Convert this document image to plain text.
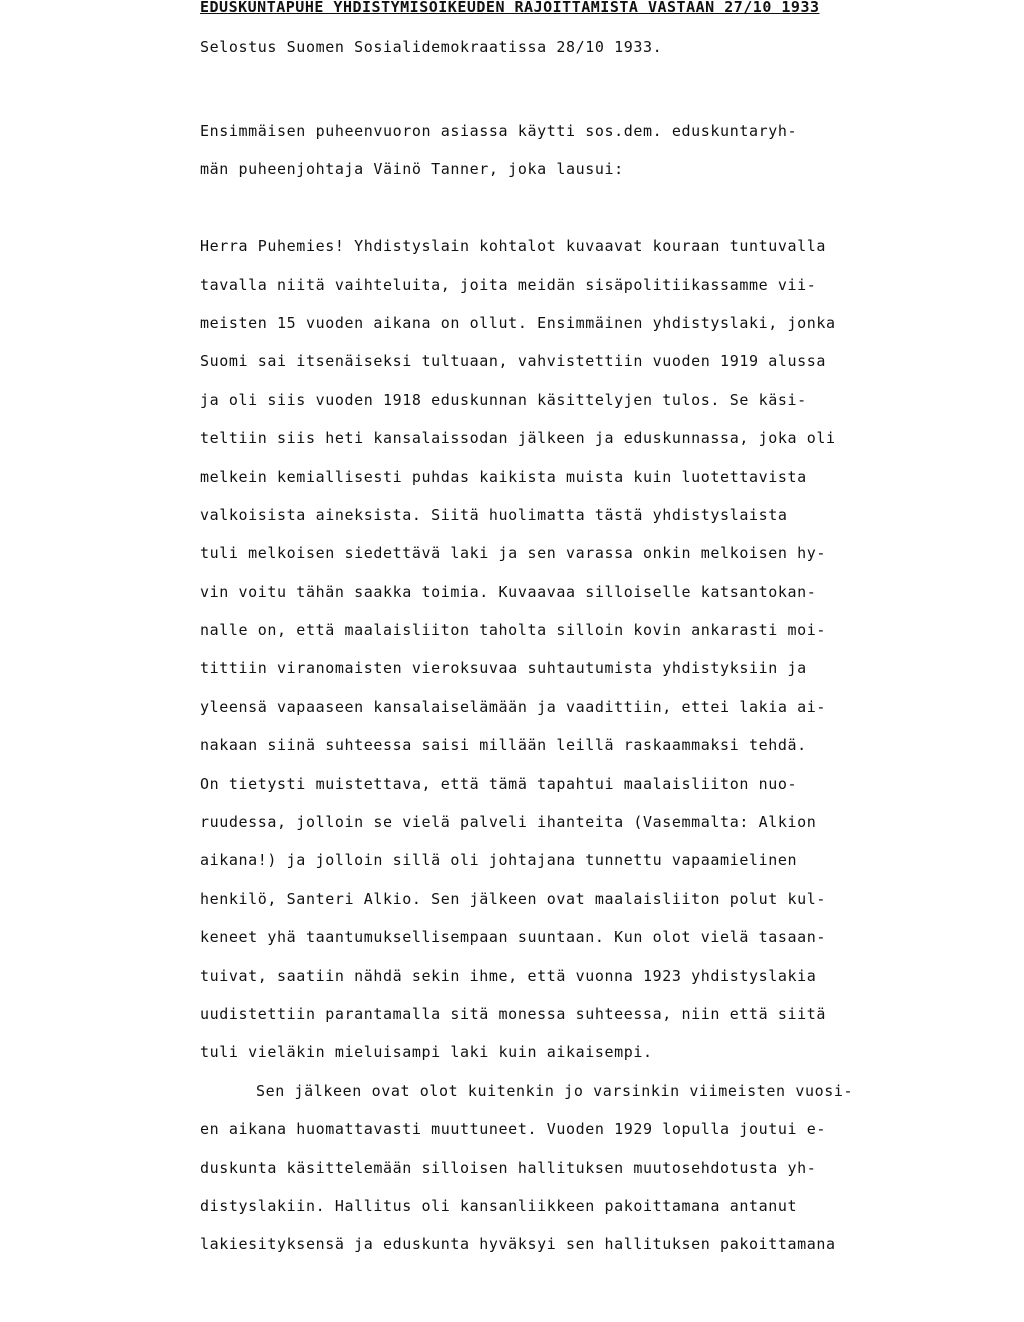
EDUSKUNTAPUHE YHDISTYMISOIKEUDEN RAJOITTAMISTA VASTAAN 27/10 1933
Selostus Suomen Sosialidemokraatissa 28/10 1933.
Ensimmäisen puheenvuoron asiassa käytti sos.dem. eduskuntaryh-
män puheenjohtaja Väinö Tanner, joka lausui:
Herra Puhemies! Yhdistyslain kohtalot kuvaavat kouraan tuntuvalla
tavalla niitä vaihteluita, joita meidän sisäpolitiikassamme vii-
meisten 15 vuoden aikana on ollut. Ensimmäinen yhdistyslaki, jonka
Suomi sai itsenäiseksi tultuaan, vahvistettiin vuoden 1919 alussa
ja oli siis vuoden 1918 eduskunnan käsittelyjen tulos. Se käsi-
teltiin siis heti kansalaissodan jälkeen ja eduskunnassa, joka oli
melkein kemiallisesti puhdas kaikista muista kuin luotettavista
valkoisista aineksista. Siitä huolimatta tästä yhdistyslaista
tuli melkoisen siedettävä laki ja sen varassa onkin melkoisen hy-
vin voitu tähän saakka toimia. Kuvaavaa silloiselle katsantokan-
nalle on, että maalaisliiton taholta silloin kovin ankarasti moi-
tittiin viranomaisten vieroksuvaa suhtautumista yhdistyksiin ja
yleensä vapaaseen kansalaiselämään ja vaadittiin, ettei lakia ai-
nakaan siinä suhteessa saisi millään leillä raskaammaksi tehdä.
On tietysti muistettava, että tämä tapahtui maalaisliiton nuo-
ruudessa, jolloin se vielä palveli ihanteita (Vasemmalta: Alkion
aikana!) ja jolloin sillä oli johtajana tunnettu vapaamielinen
henkilö, Santeri Alkio. Sen jälkeen ovat maalaisliiton polut kul-
keneet yhä taantumuksellisempaan suuntaan. Kun olot vielä tasaan-
tuivat, saatiin nähdä sekin ihme, että vuonna 1923 yhdistyslakia
uudistettiin parantamalla sitä monessa suhteessa, niin että siitä
tuli vieläkin mieluisampi laki kuin aikaisempi.
Sen jälkeen ovat olot kuitenkin jo varsinkin viimeisten vuosi-
en aikana huomattavasti muuttuneet. Vuoden 1929 lopulla joutui e-
duskunta käsittelemään silloisen hallituksen muutosehdotusta yh-
distyslakiin. Hallitus oli kansanliikkeen pakoittamana antanut
lakiesityksensä ja eduskunta hyväksyi sen hallituksen pakoittamana
